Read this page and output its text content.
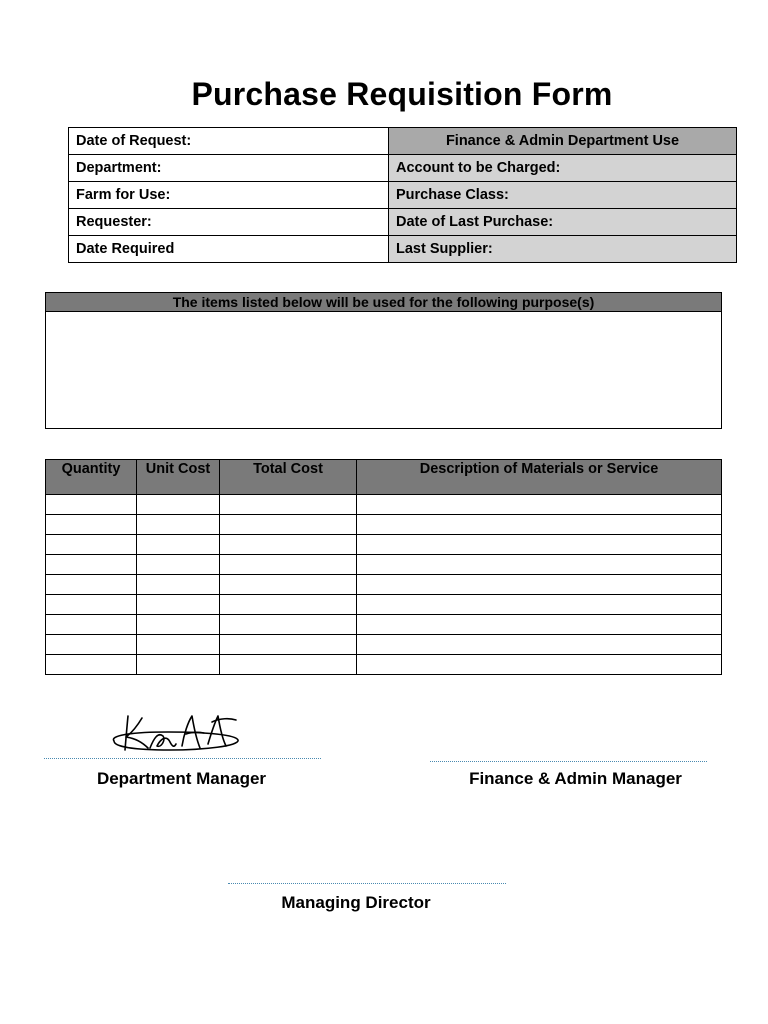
Purchase Requisition Form
Date of Request:	Finance & Admin Department Use
Department:	Account to be Charged:
Farm for Use:	Purchase Class:
Requester:	Date of Last Purchase:
Date Required	Last Supplier:
The items listed below will be used for the following purpose(s)
Quantity	Unit Cost	Total Cost	Description of Materials or Service

Department Manager	Finance & Admin Manager
Managing Director
